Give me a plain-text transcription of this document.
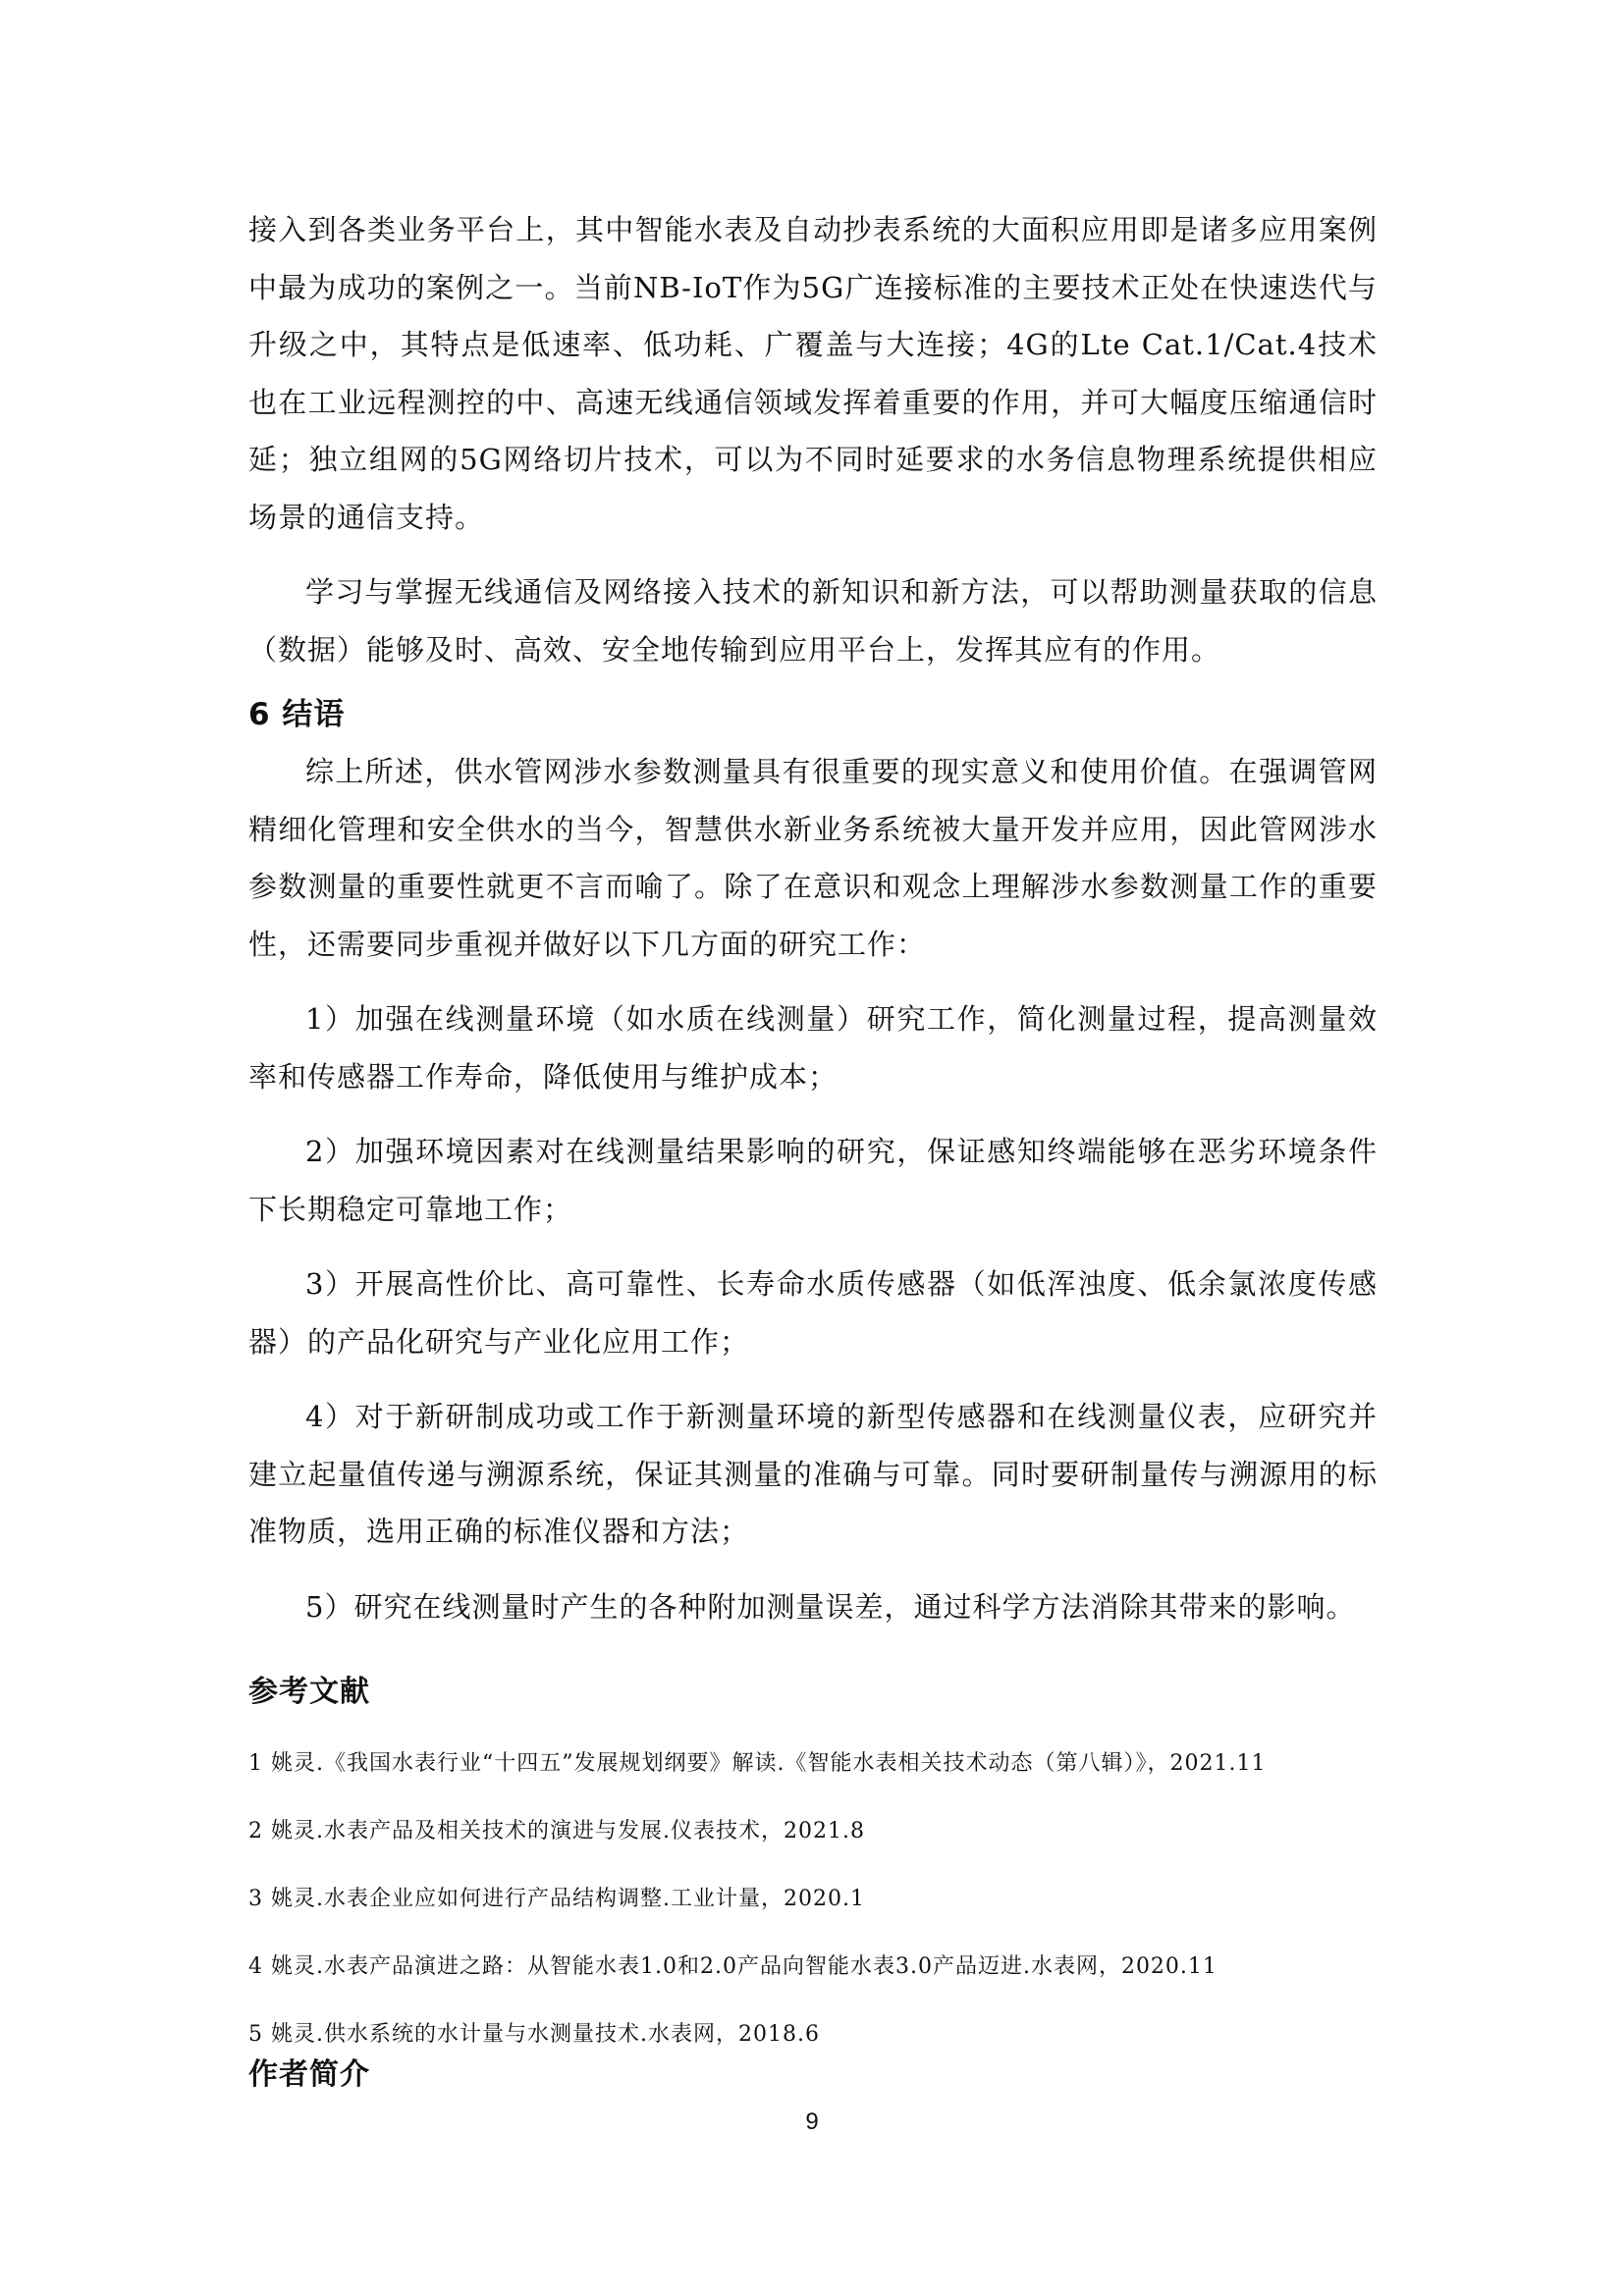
接入到各类业务平台上，其中智能水表及自动抄表系统的大面积应用即是诸多应用案例中最为成功的案例之一。当前NB-IoT作为5G广连接标准的主要技术正处在快速迭代与升级之中，其特点是低速率、低功耗、广覆盖与大连接；4G的Lte Cat.1/Cat.4技术也在工业远程测控的中、高速无线通信领域发挥着重要的作用，并可大幅度压缩通信时延；独立组网的5G网络切片技术，可以为不同时延要求的水务信息物理系统提供相应场景的通信支持。

学习与掌握无线通信及网络接入技术的新知识和新方法，可以帮助测量获取的信息（数据）能够及时、高效、安全地传输到应用平台上，发挥其应有的作用。

6 结语

综上所述，供水管网涉水参数测量具有很重要的现实意义和使用价值。在强调管网精细化管理和安全供水的当今，智慧供水新业务系统被大量开发并应用，因此管网涉水参数测量的重要性就更不言而喻了。除了在意识和观念上理解涉水参数测量工作的重要性，还需要同步重视并做好以下几方面的研究工作：

1）加强在线测量环境（如水质在线测量）研究工作，简化测量过程，提高测量效率和传感器工作寿命，降低使用与维护成本；

2）加强环境因素对在线测量结果影响的研究，保证感知终端能够在恶劣环境条件下长期稳定可靠地工作；

3）开展高性价比、高可靠性、长寿命水质传感器（如低浑浊度、低余氯浓度传感器）的产品化研究与产业化应用工作；

4）对于新研制成功或工作于新测量环境的新型传感器和在线测量仪表，应研究并建立起量值传递与溯源系统，保证其测量的准确与可靠。同时要研制量传与溯源用的标准物质，选用正确的标准仪器和方法；

5）研究在线测量时产生的各种附加测量误差，通过科学方法消除其带来的影响。

参考文献

1 姚灵.《我国水表行业“十四五”发展规划纲要》解读.《智能水表相关技术动态（第八辑）》，2021.11

2 姚灵.水表产品及相关技术的演进与发展.仪表技术，2021.8

3 姚灵.水表企业应如何进行产品结构调整.工业计量，2020.1

4 姚灵.水表产品演进之路：从智能水表1.0和2.0产品向智能水表3.0产品迈进.水表网，2020.11

5 姚灵.供水系统的水计量与水测量技术.水表网，2018.6

作者简介
9
